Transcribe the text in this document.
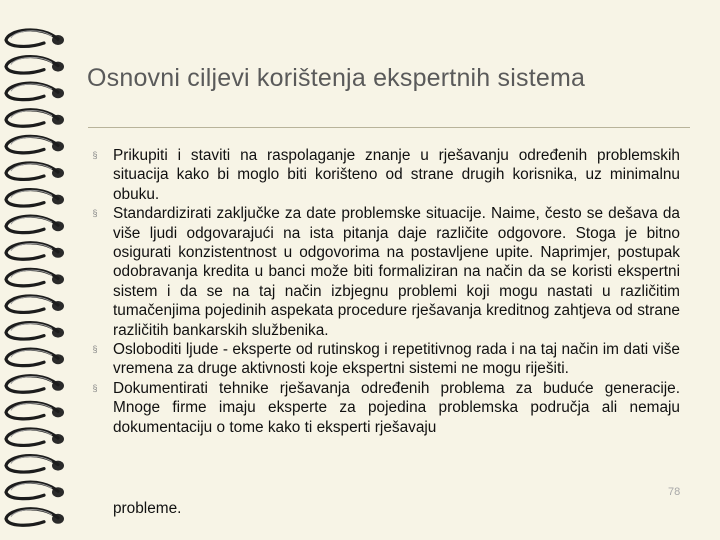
Osnovni ciljevi korištenja ekspertnih sistema
§ Prikupiti i staviti na raspolaganje znanje u rješavanju određenih problemskih situacija kako bi moglo biti korišteno od strane drugih korisnika, uz minimalnu obuku.
§ Standardizirati zaključke za date problemske situacije. Naime, često se dešava da više ljudi odgovarajući na ista pitanja daje različite odgovore. Stoga je bitno osigurati konzistentnost u odgovorima na postavljene upite. Naprimjer, postupak odobravanja kredita u banci može biti formaliziran na način da se koristi ekspertni sistem i da se na taj način izbjegnu problemi koji mogu nastati u različitim tumačenjima pojedinih aspekata procedure rješavanja kreditnog zahtjeva od strane različitih bankarskih službenika.
§ Osloboditi ljude - eksperte od rutinskog i repetitivnog rada i na taj način im dati više vremena za druge aktivnosti koje ekspertni sistemi ne mogu riješiti.
§ Dokumentirati tehnike rješavanja određenih problema za buduće generacije. Mnoge firme imaju eksperte za pojedina problemska područja ali nemaju dokumentaciju o tome kako ti eksperti rješavaju
probleme.
78
